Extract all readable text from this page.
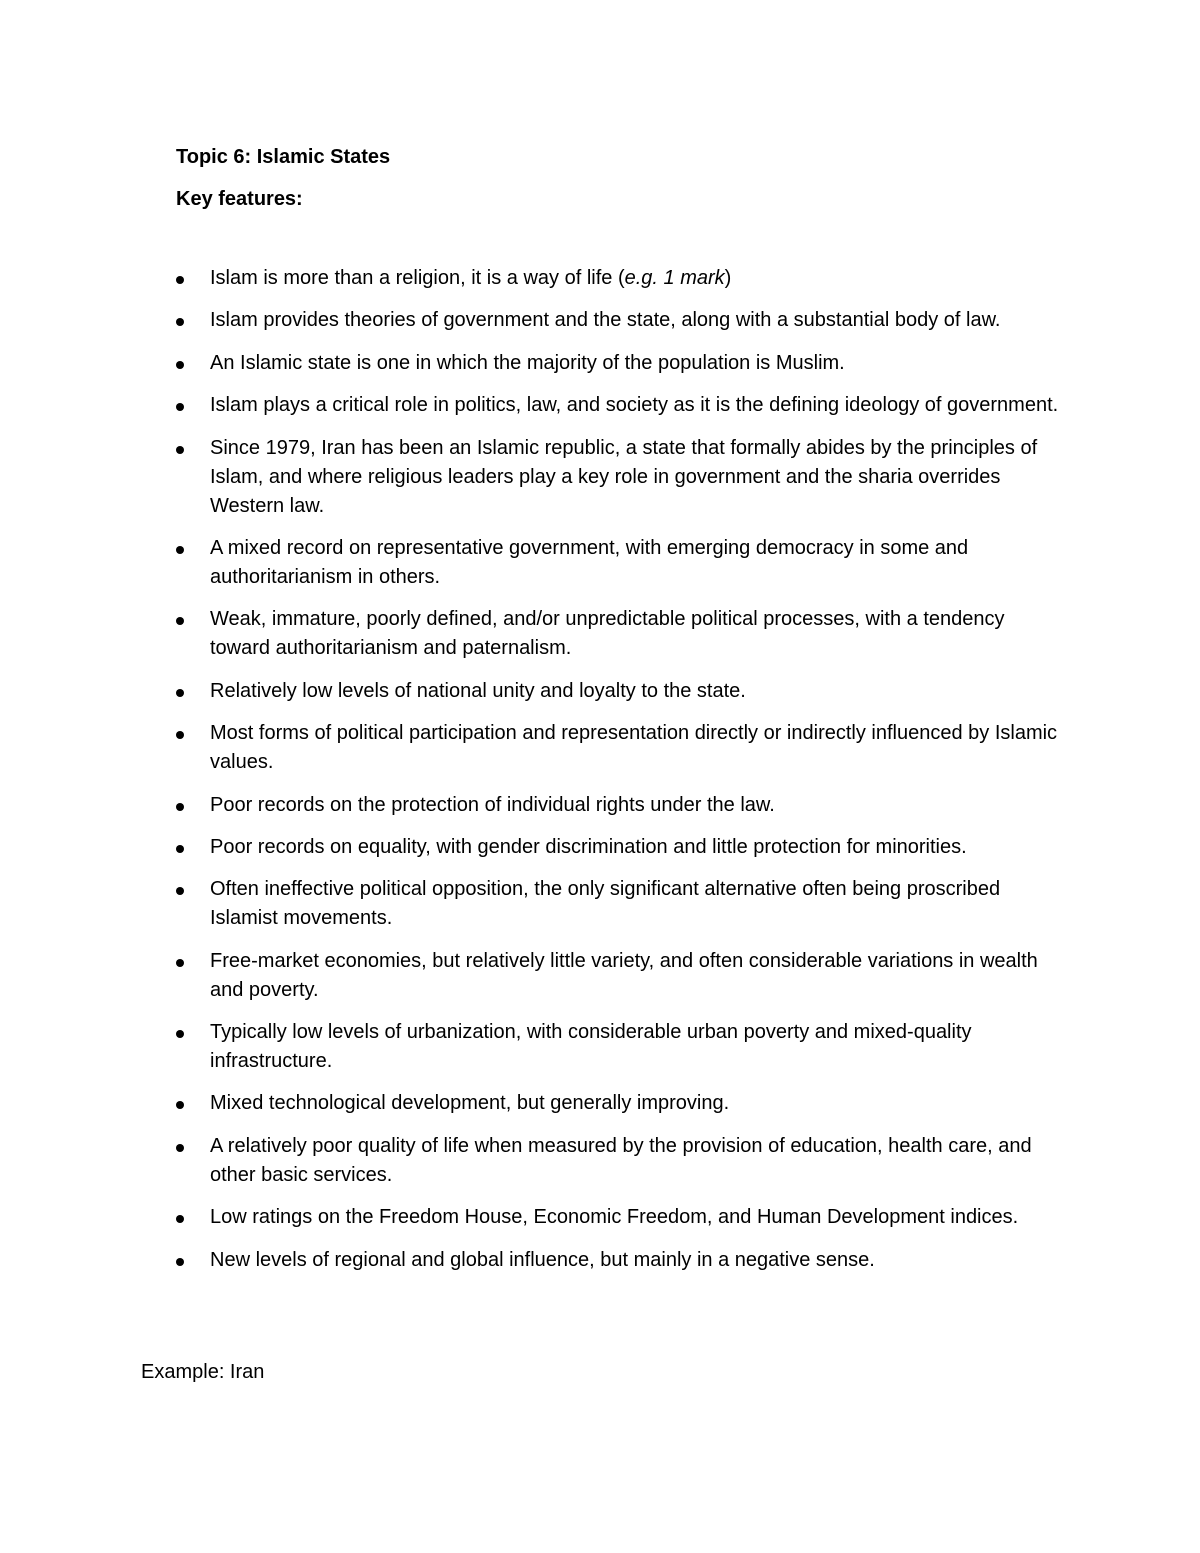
Topic 6: Islamic States
Key features:
Islam is more than a religion, it is a way of life (e.g. 1 mark)
Islam provides theories of government and the state, along with a substantial body of law.
An Islamic state is one in which the majority of the population is Muslim.
Islam plays a critical role in politics, law, and society as it is the defining ideology of government.
Since 1979, Iran has been an Islamic republic, a state that formally abides by the principles of Islam, and where religious leaders play a key role in government and the sharia overrides Western law.
A mixed record on representative government, with emerging democracy in some and authoritarianism in others.
Weak, immature, poorly defined, and/or unpredictable political processes, with a tendency toward authoritarianism and paternalism.
Relatively low levels of national unity and loyalty to the state.
Most forms of political participation and representation directly or indirectly influenced by Islamic values.
Poor records on the protection of individual rights under the law.
Poor records on equality, with gender discrimination and little protection for minorities.
Often ineffective political opposition, the only significant alternative often being proscribed Islamist movements.
Free-market economies, but relatively little variety, and often considerable variations in wealth and poverty.
Typically low levels of urbanization, with considerable urban poverty and mixed-quality infrastructure.
Mixed technological development, but generally improving.
A relatively poor quality of life when measured by the provision of education, health care, and other basic services.
Low ratings on the Freedom House, Economic Freedom, and Human Development indices.
New levels of regional and global influence, but mainly in a negative sense.
Example: Iran
